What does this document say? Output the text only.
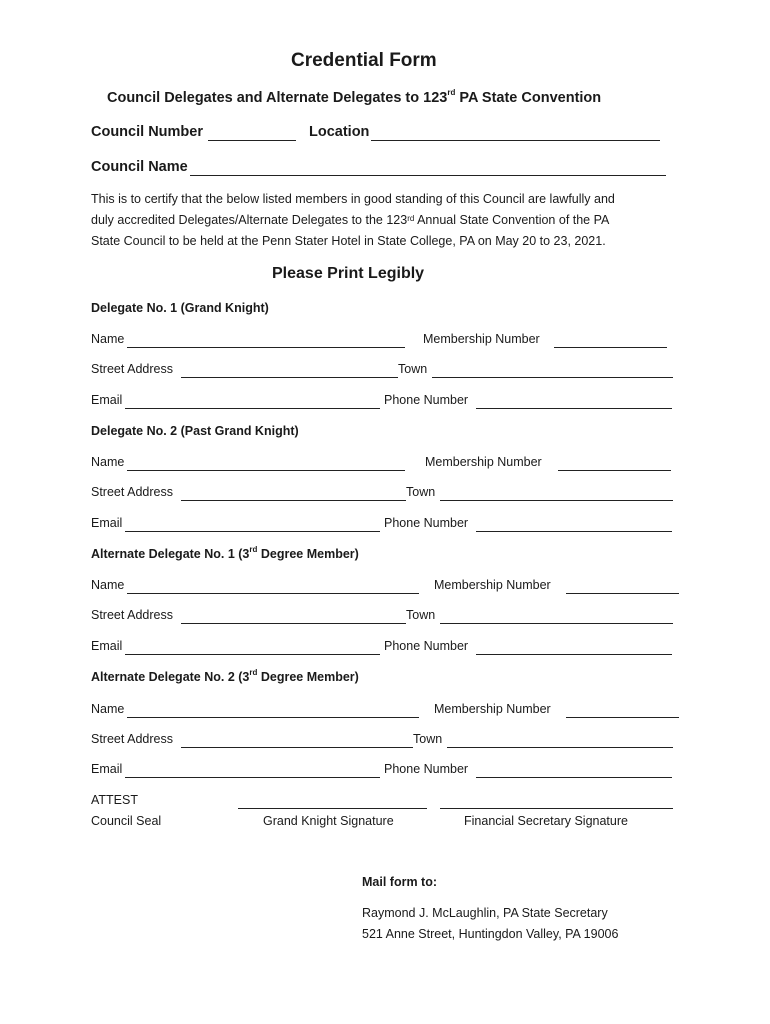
Credential Form
Council Delegates and Alternate Delegates to 123rd PA State Convention
Council Number	Location
Council Name
This is to certify that the below listed members in good standing of this Council are lawfully and
duly accredited Delegates/Alternate Delegates to the 123rd Annual State Convention of the PA
State Council to be held at the Penn Stater Hotel in State College, PA on May 20 to 23, 2021.
Please Print Legibly
Delegate No. 1 (Grand Knight)
Name	Membership Number
Street Address	Town
Email	Phone Number
Delegate No. 2 (Past Grand Knight)
Name	Membership Number
Street Address	Town
Email	Phone Number
Alternate Delegate No. 1 (3rd Degree Member)
Name	Membership Number
Street Address	Town
Email	Phone Number
Alternate Delegate No. 2 (3rd Degree Member)
Name	Membership Number
Street Address	Town
Email	Phone Number
ATTEST
Council Seal	Grand Knight Signature	Financial Secretary Signature
Mail form to:
Raymond J. McLaughlin, PA State Secretary
521 Anne Street, Huntingdon Valley, PA 19006
